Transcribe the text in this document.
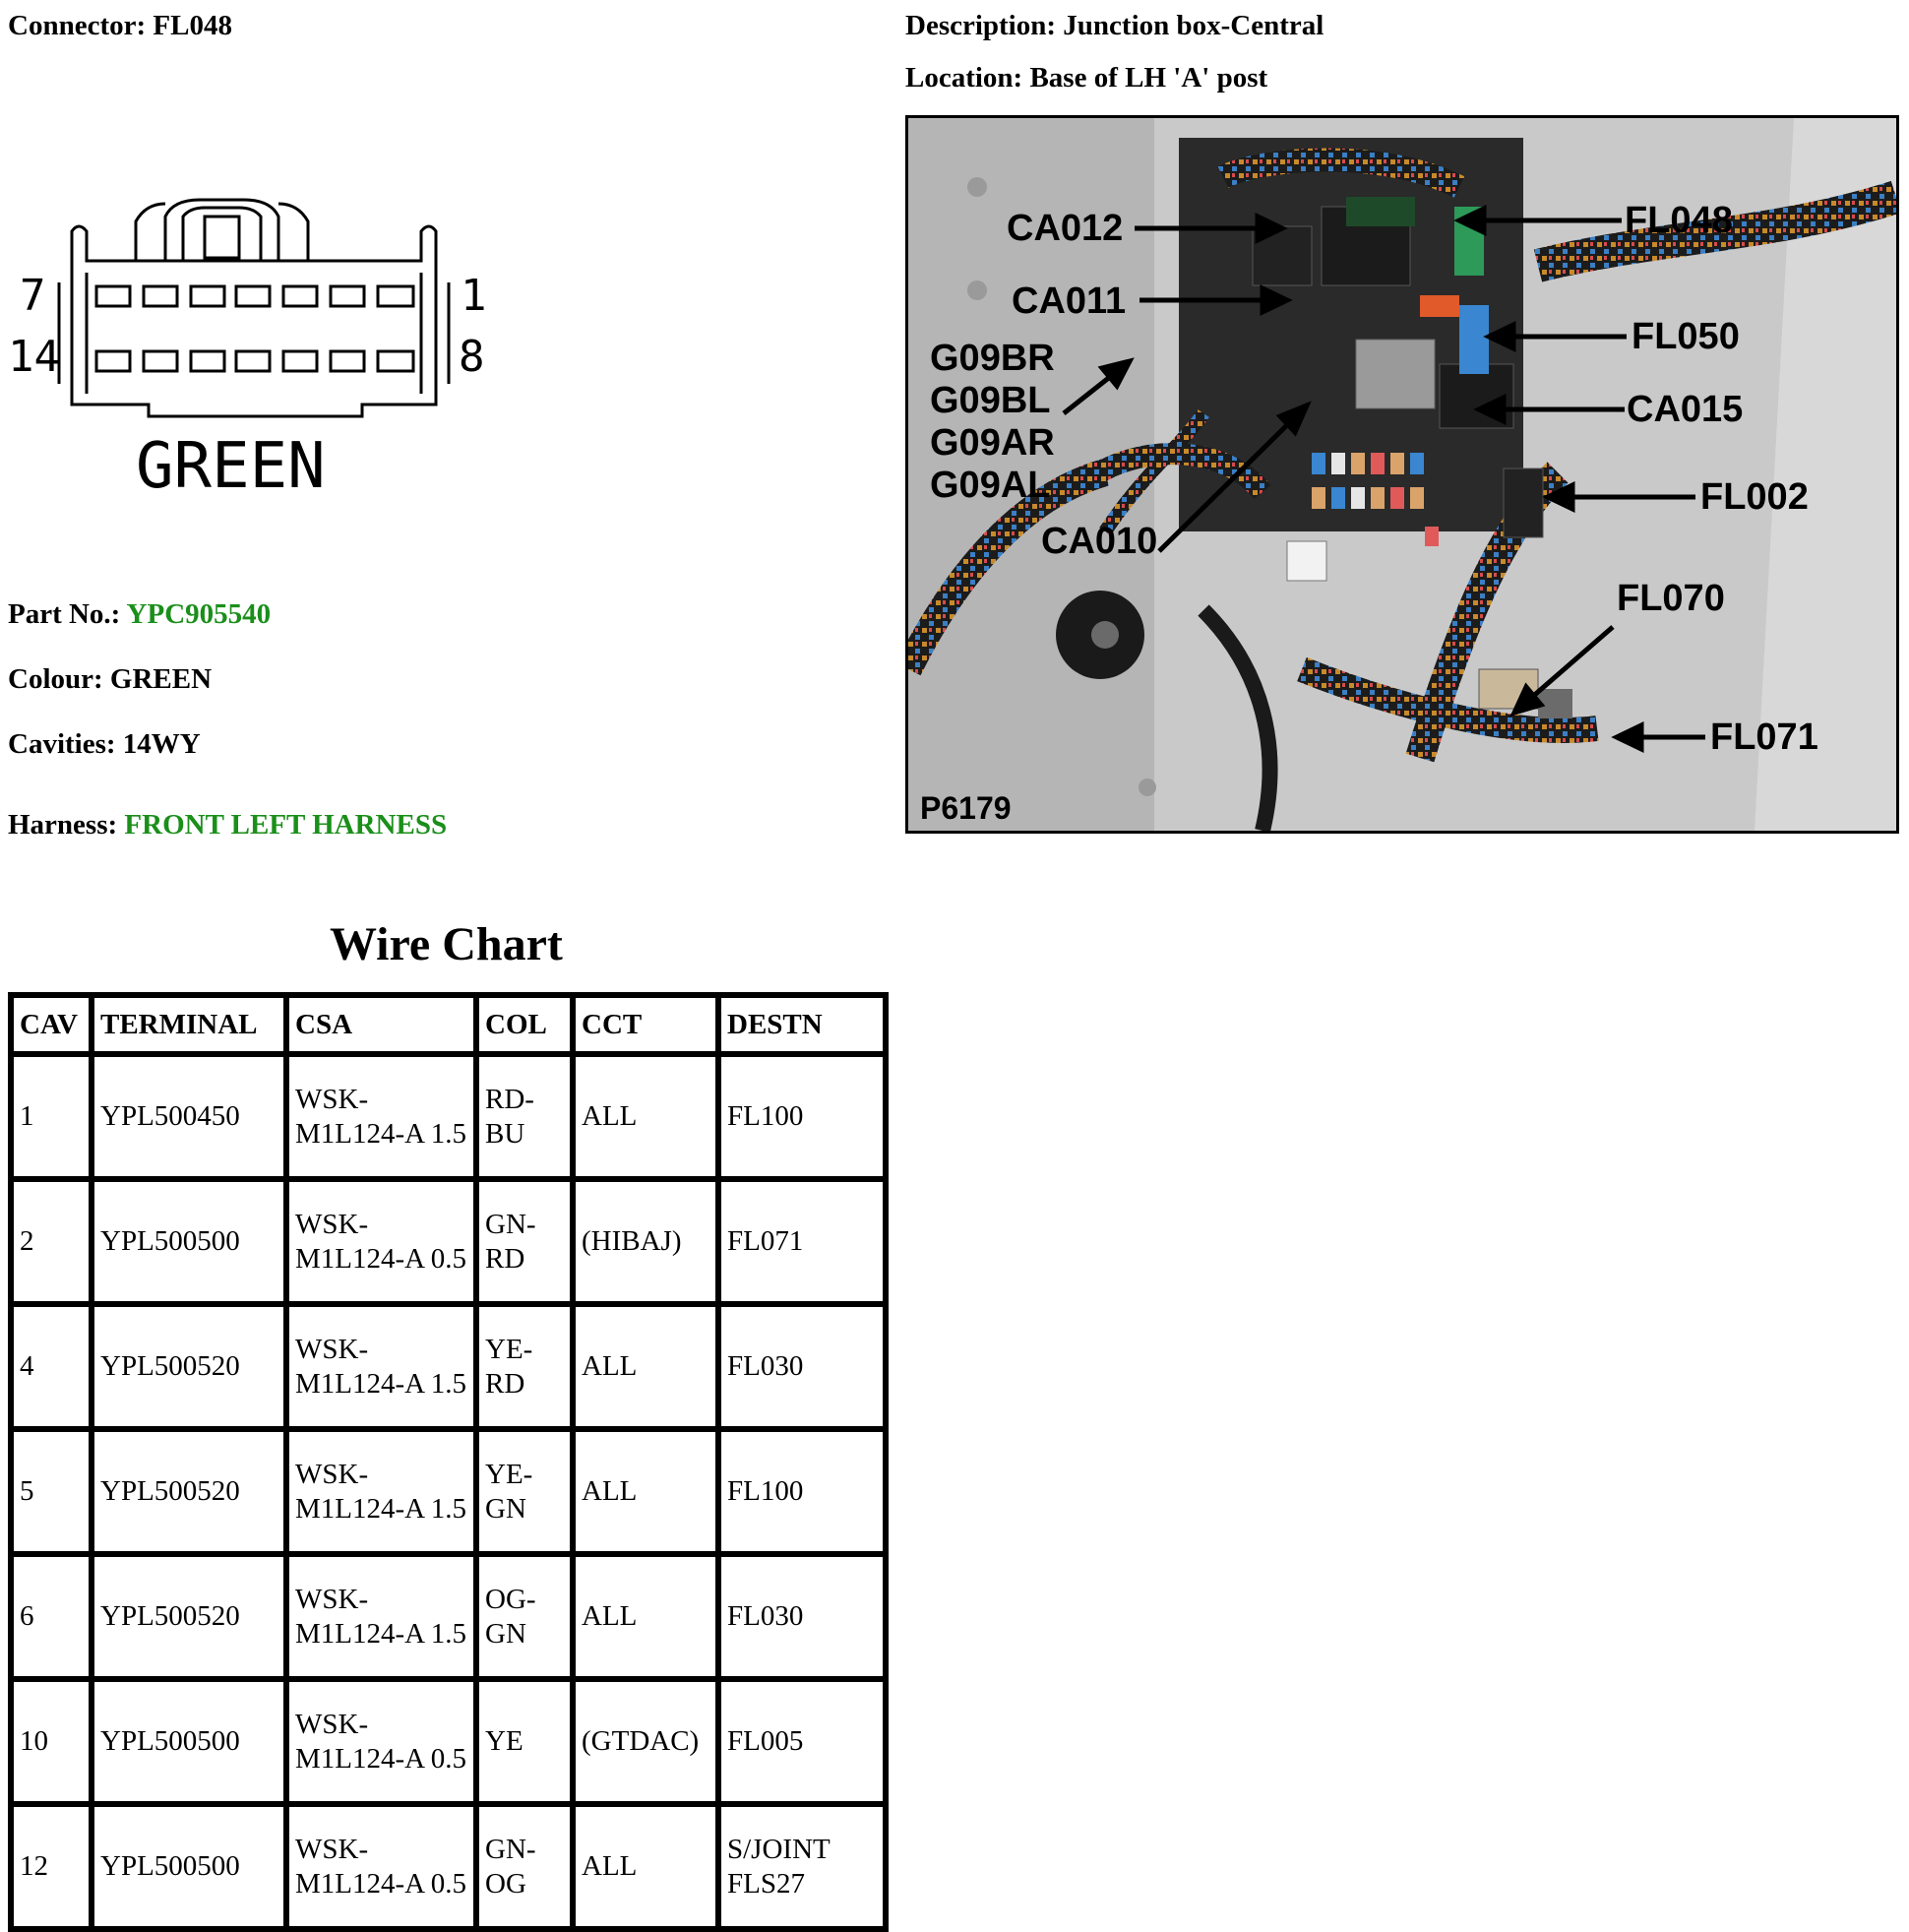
Connector: FL048	Description: Junction box-Central
Location: Base of LH 'A' post
7	1
14	8
GREEN
Part No.: YPC905540
Colour: GREEN
Cavities: 14WY
Harness: FRONT LEFT HARNESS
CA012
CA011
G09BR
G09BL
G09AR
G09AL
CA010
FL048
FL050
CA015
FL002
FL070
FL071
P6179
Wire Chart
CAV	TERMINAL	CSA	COL	CCT	DESTN
1	YPL500450	WSK-M1L124-A 1.5	RD-BU	ALL	FL100
2	YPL500500	WSK-M1L124-A 0.5	GN-RD	(HIBAJ)	FL071
4	YPL500520	WSK-M1L124-A 1.5	YE-RD	ALL	FL030
5	YPL500520	WSK-M1L124-A 1.5	YE-GN	ALL	FL100
6	YPL500520	WSK-M1L124-A 1.5	OG-GN	ALL	FL030
10	YPL500500	WSK-M1L124-A 0.5	YE	(GTDAC)	FL005
12	YPL500500	WSK-M1L124-A 0.5	GN-OG	ALL	S/JOINT FLS27
